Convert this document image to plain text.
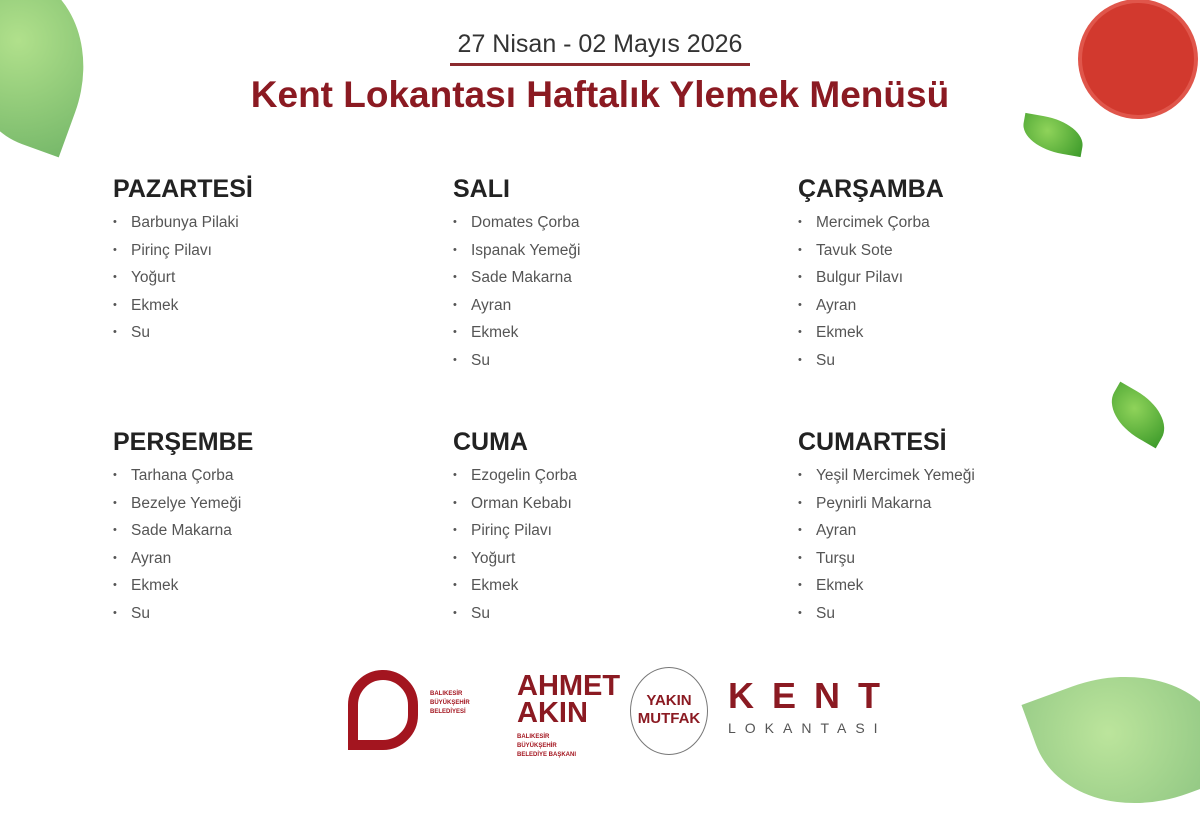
27 Nisan - 02 Mayıs 2026
Kent Lokantası Haftalık Ylemek Menüsü
PAZARTESİ
• Barbunya Pilaki
• Pirinç Pilavı
• Yoğurt
• Ekmek
• Su
SALI
• Domates Çorba
• Ispanak Yemeği
• Sade Makarna
• Ayran
• Ekmek
• Su
ÇARŞAMBA
• Mercimek Çorba
• Tavuk Sote
• Bulgur Pilavı
• Ayran
• Ekmek
• Su
PERŞEMBE
• Tarhana Çorba
• Bezelye Yemeği
• Sade Makarna
• Ayran
• Ekmek
• Su
CUMA
• Ezogelin Çorba
• Orman Kebabı
• Pirinç Pilavı
• Yoğurt
• Ekmek
• Su
CUMARTESİ
• Yeşil Mercimek Yemeği
• Peynirli Makarna
• Ayran
• Turşu
• Ekmek
• Su
BALIKESİR BÜYÜKŞEHİR BELEDİYESİ
AHMET
AKIN
BALIKESİR BÜYÜKŞEHİR BELEDİYE BAŞKANI
YAKIN
MUTFAK
KENT
LOKANTASI
